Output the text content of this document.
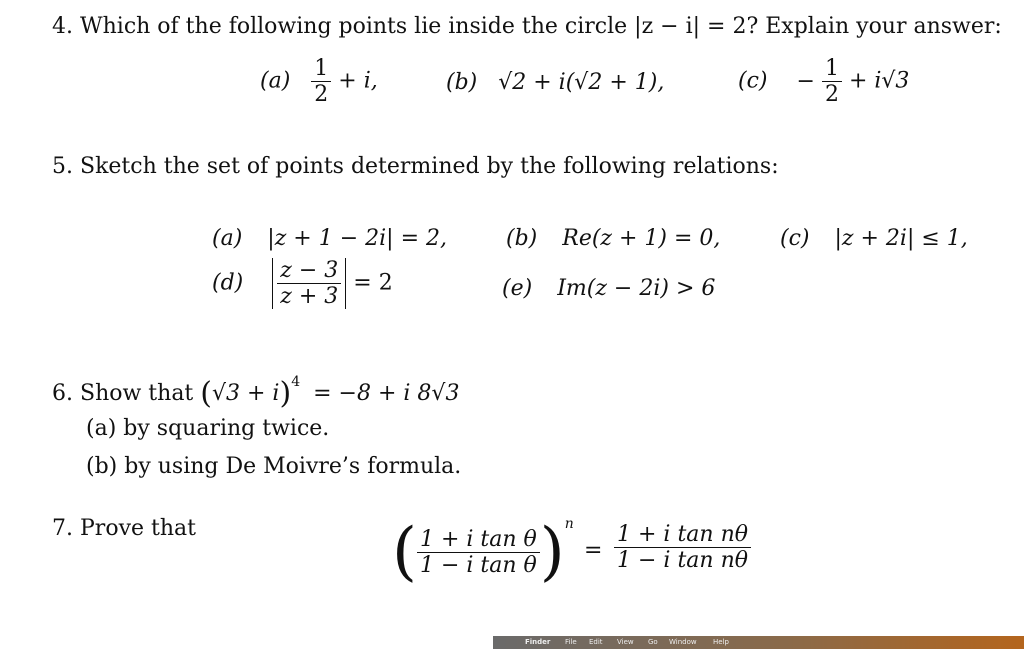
4. Which of the following points lie inside the circle |z − i| = 2? Explain your answer:
$(a) \frac{1}{2} + i$,	(b) √2 + i(√2 + 1),	$(c) - \frac{1}{2} + i√3$
5. Sketch the set of points determined by the following relations:
(a) |z + 1 − 2i| = 2,	(b) Re(z + 1) = 0,	(c) |z + 2i| ≤ 1,
$(d) \frac{z - 3}{z + 3} = 2$	(e) Im(z − 2i) > 6
6. Show that $(√3 + i)^4 = -8 + i$ 8√3
(a) by squaring twice.
(b) by using De Moivre’s formula.
7. Prove that	( $\frac{\text{1 + i tan θ}}{\text{1 − i tan θ}} )^n$
= $\frac{\text{1 + i tan nθ}}{\text{1 − i tan nθ}}$
Finder File Edit View Go Window Help
